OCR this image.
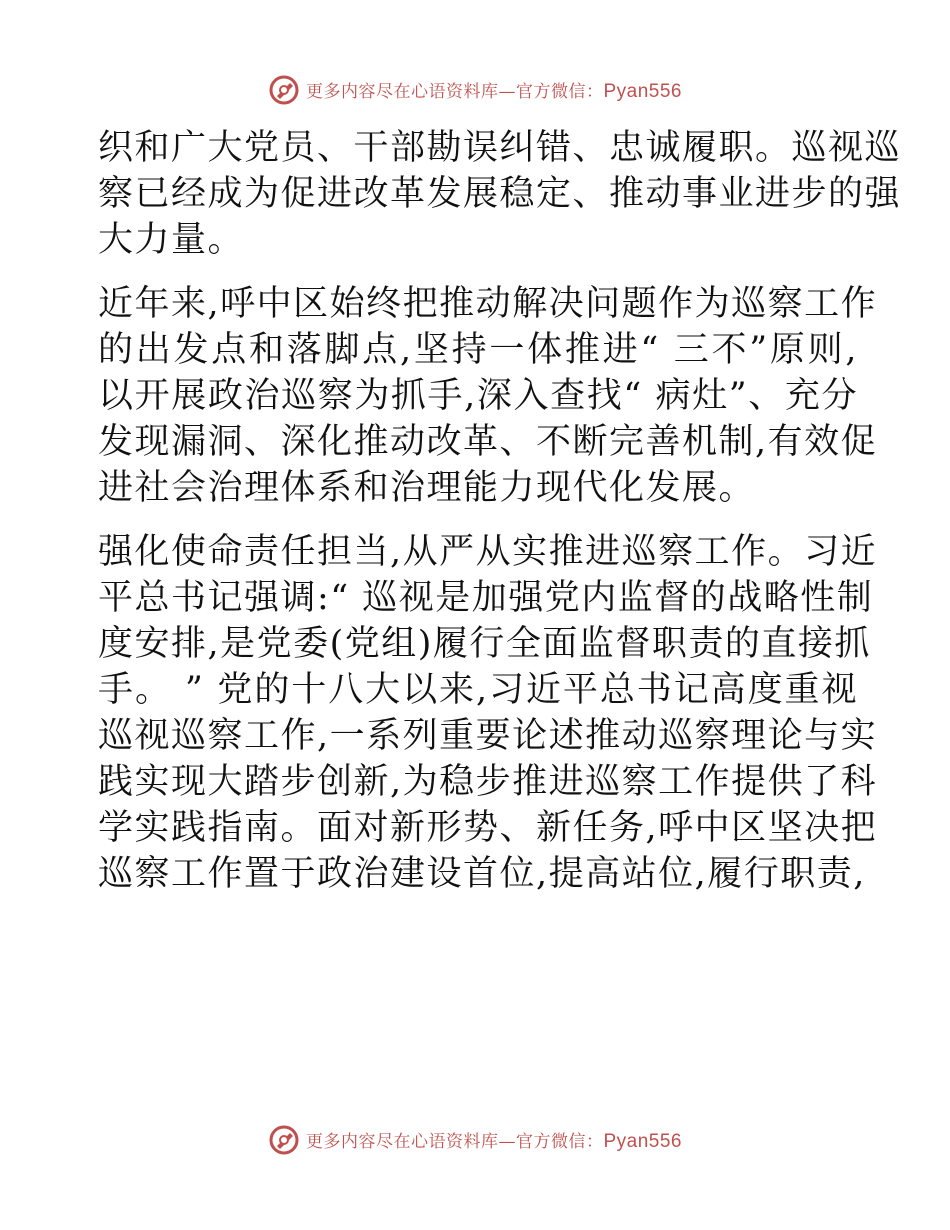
更多内容尽在心语资料库—官方微信：Pyan556
织和广大党员、干部勘误纠错、忠诚履职。巡视巡
察已经成为促进改革发展稳定、推动事业进步的强
大力量。
近年来,呼中区始终把推动解决问题作为巡察工作
的出发点和落脚点,坚持一体推进“ 三不”原则,
以开展政治巡察为抓手,深入查找“ 病灶”、充分
发现漏洞、深化推动改革、不断完善机制,有效促
进社会治理体系和治理能力现代化发展。
强化使命责任担当,从严从实推进巡察工作。习近
平总书记强调:“ 巡视是加强党内监督的战略性制
度安排,是党委(党组)履行全面监督职责的直接抓
手。 ” 党的十八大以来,习近平总书记高度重视
巡视巡察工作,一系列重要论述推动巡察理论与实
践实现大踏步创新,为稳步推进巡察工作提供了科
学实践指南。面对新形势、新任务,呼中区坚决把
巡察工作置于政治建设首位,提高站位,履行职责,
更多内容尽在心语资料库—官方微信：Pyan556
